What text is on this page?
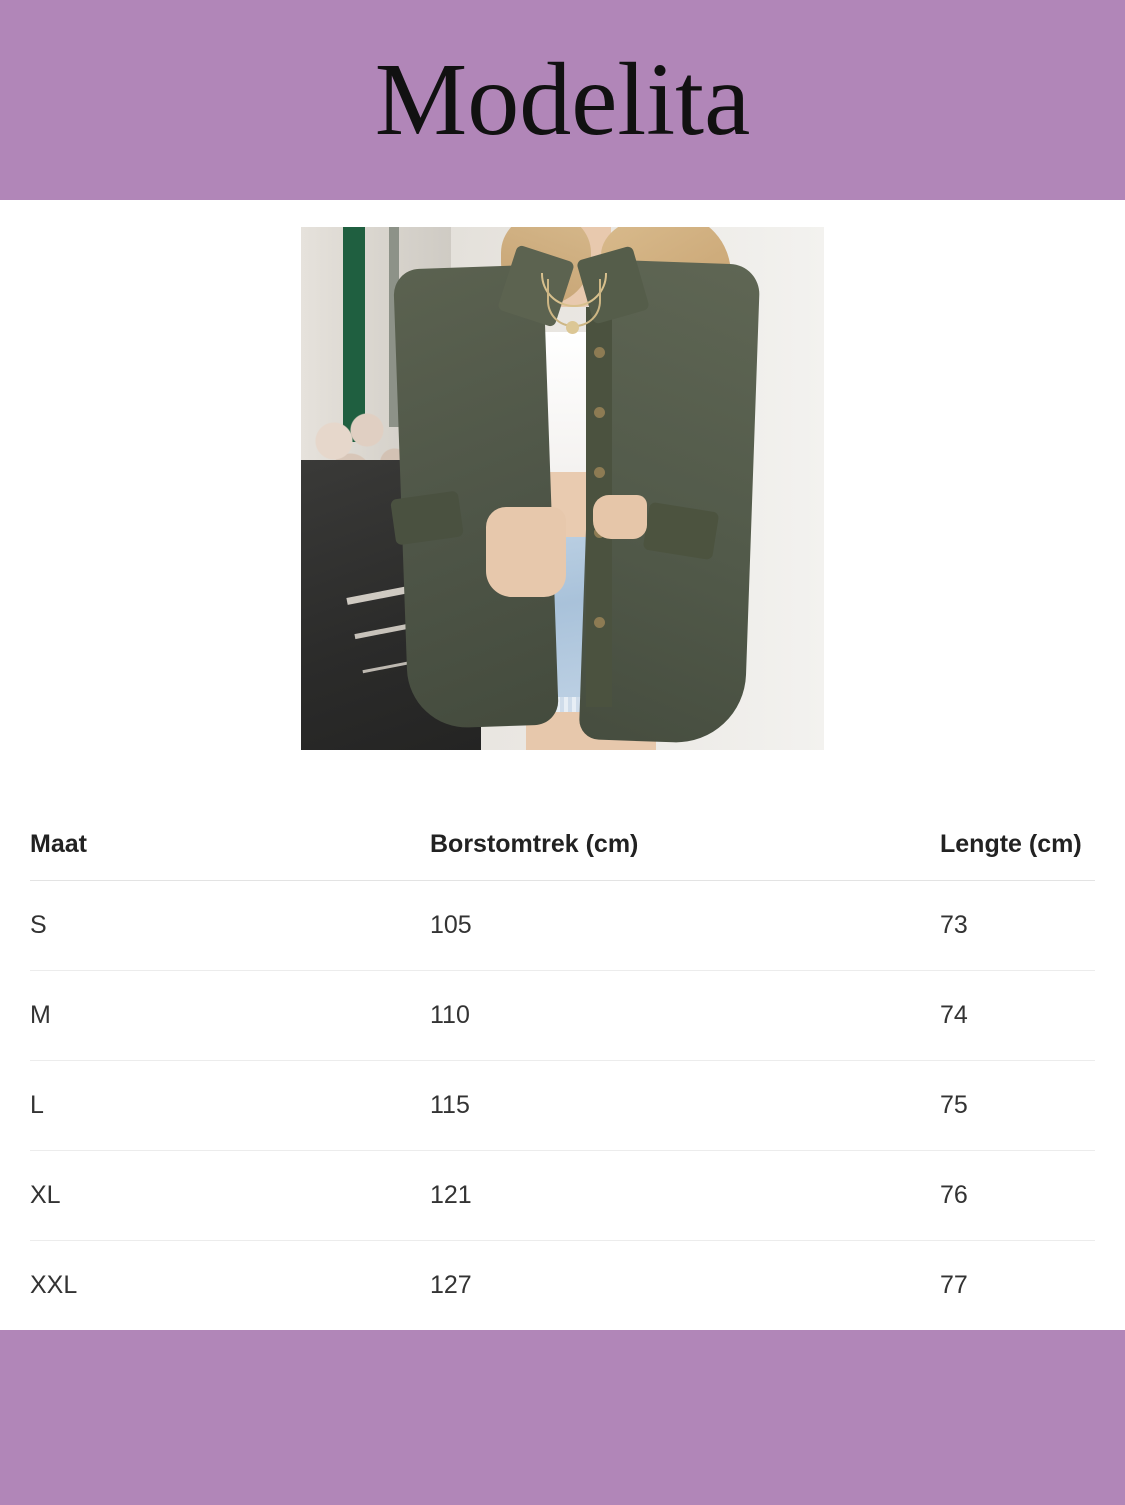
Modelita
Maat	Borstomtrek (cm)	Lengte (cm)
S	105	73
M	110	74
L	115	75
XL	121	76
XXL	127	77
